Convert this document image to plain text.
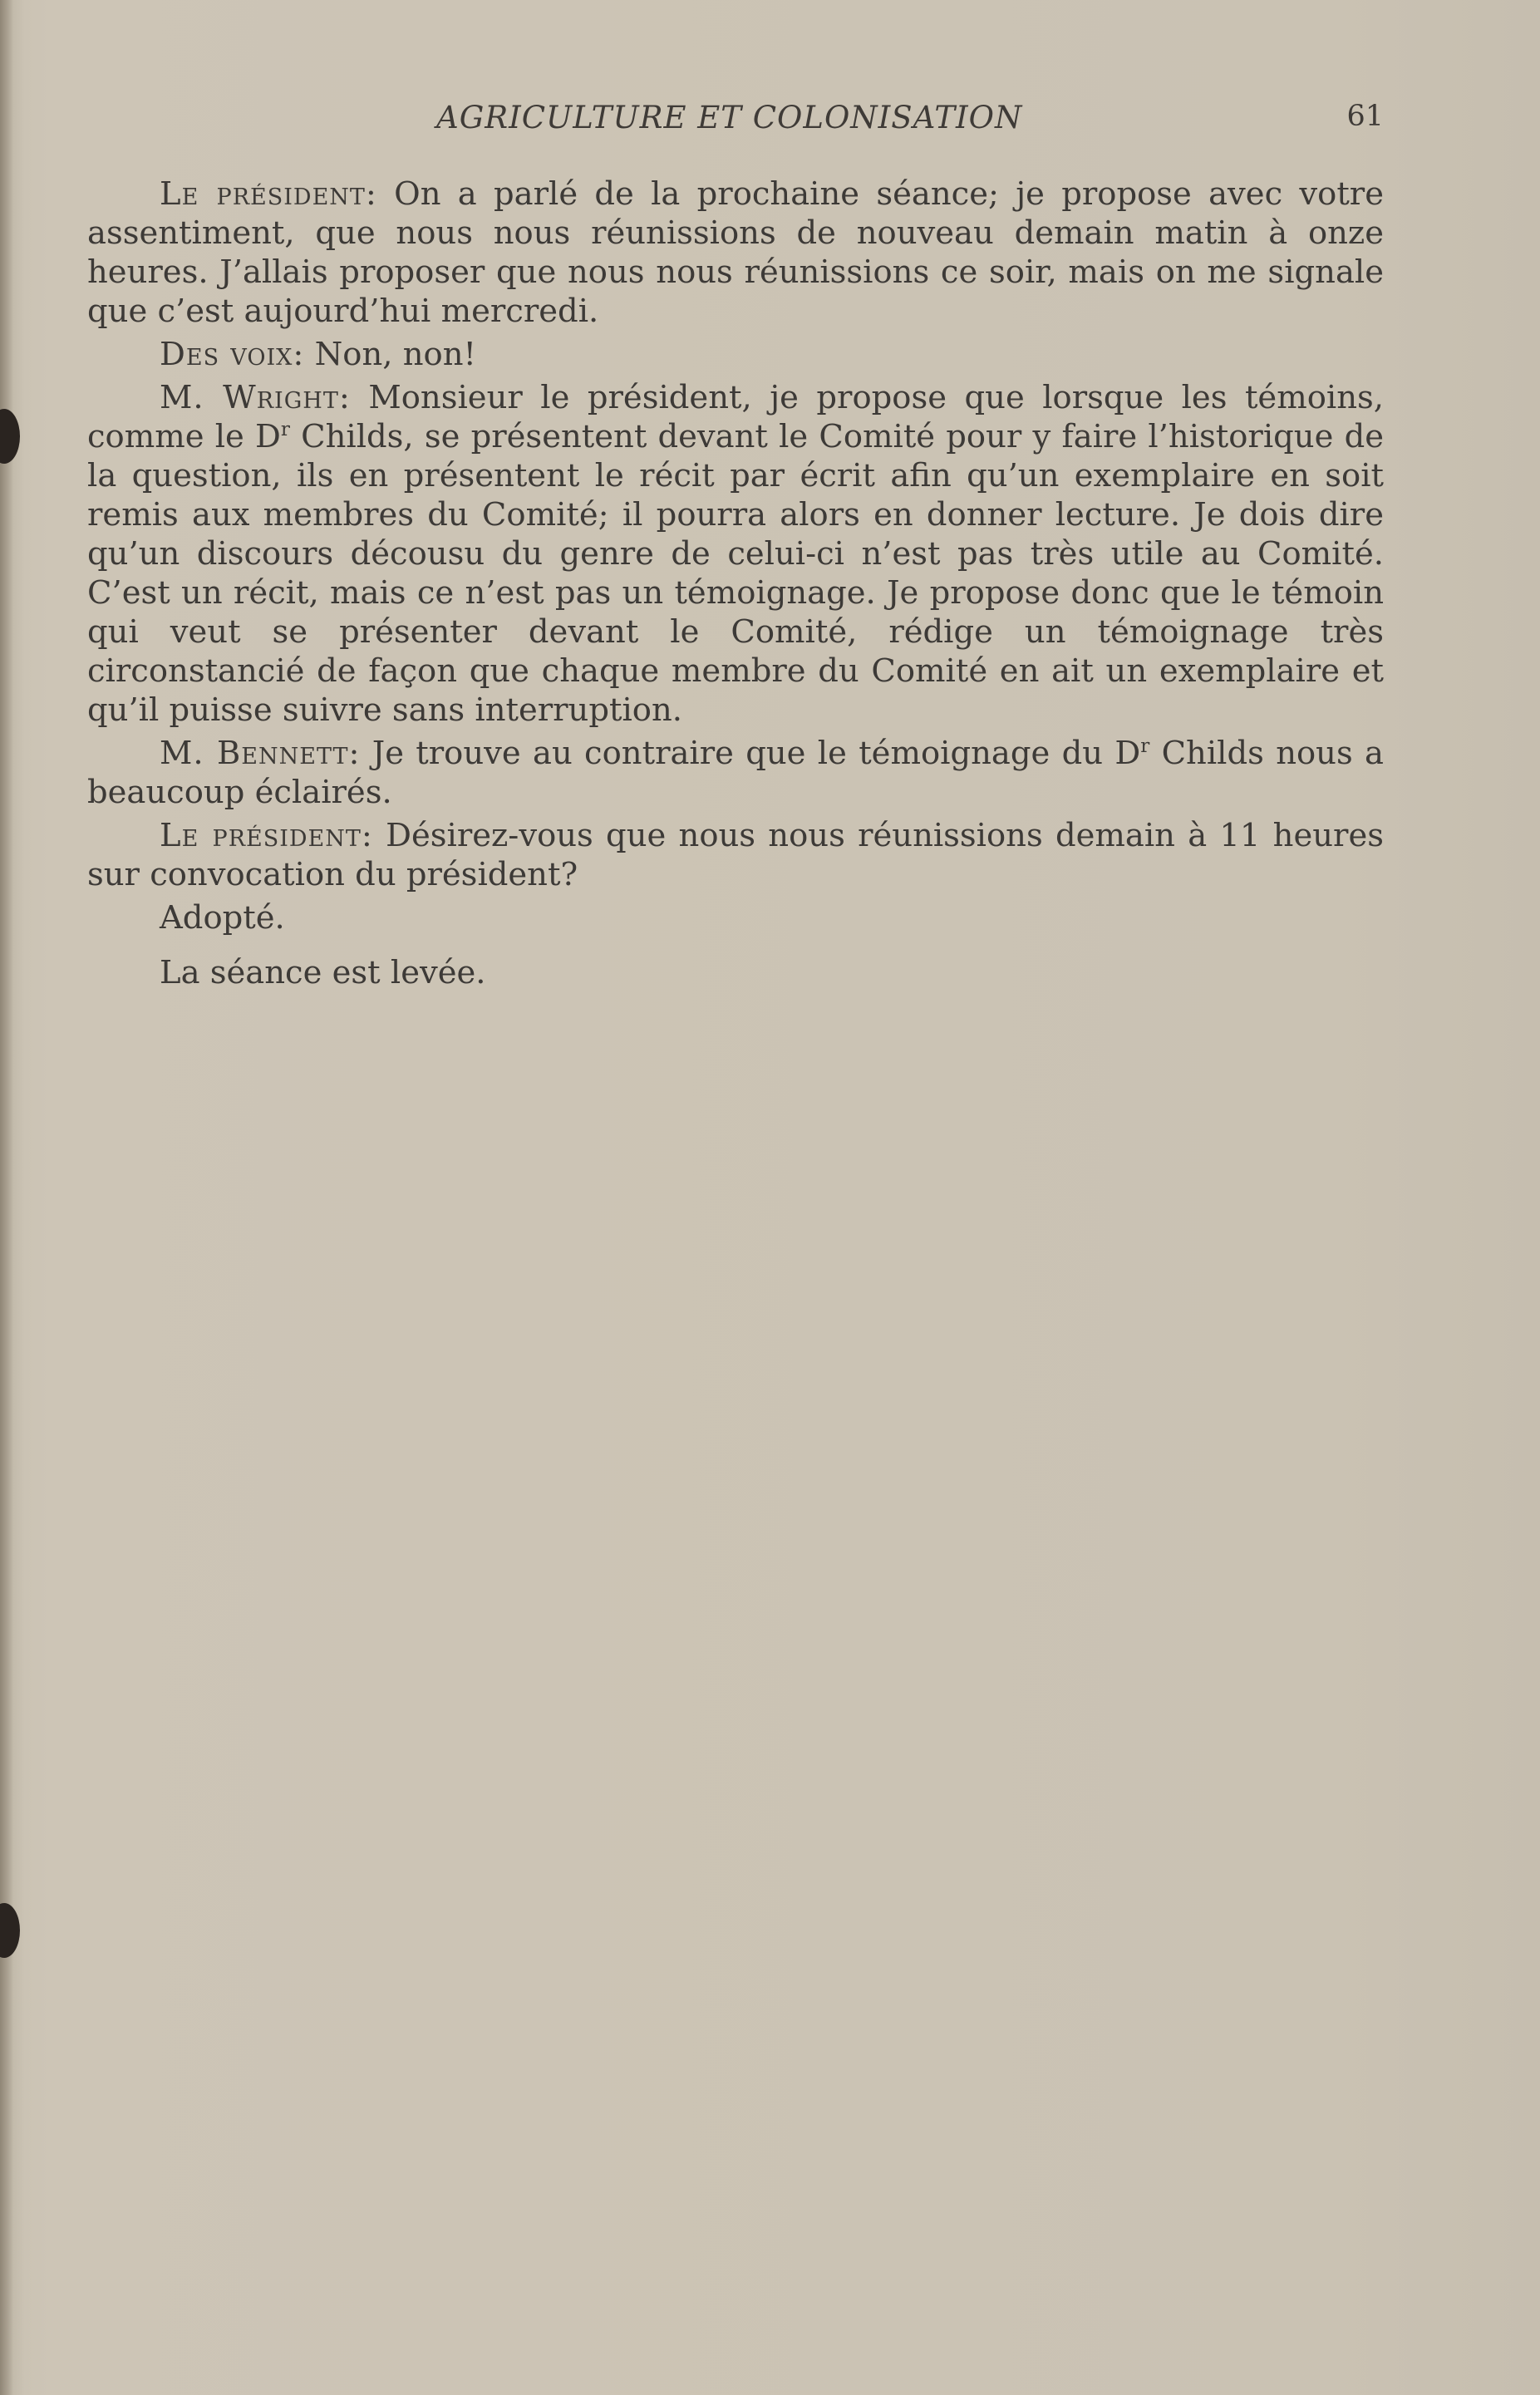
AGRICULTURE ET COLONISATION	61

Le président: On a parlé de la prochaine séance; je propose avec votre assentiment, que nous nous réunissions de nouveau demain matin à onze heures. J’allais proposer que nous nous réunissions ce soir, mais on me signale que c’est aujourd’hui mercredi.

Des voix: Non, non!

M. Wright: Monsieur le président, je propose que lorsque les témoins, comme le $D^r$ Childs, se présentent devant le Comité pour y faire l’historique de la question, ils en présentent le récit par écrit afin qu’un exemplaire en soit remis aux membres du Comité; il pourra alors en donner lecture. Je dois dire qu’un discours décousu du genre de celui-ci n’est pas très utile au Comité. C’est un récit, mais ce n’est pas un témoignage. Je propose donc que le témoin qui veut se présenter devant le Comité, rédige un témoignage très circonstancié de façon que chaque membre du Comité en ait un exemplaire et qu’il puisse suivre sans interruption.

M. Bennett: Je trouve au contraire que le témoignage du $D^r$ Childs nous a beaucoup éclairés.

Le président: Désirez-vous que nous nous réunissions demain à 11 heures sur convocation du président?

Adopté.

La séance est levée.
